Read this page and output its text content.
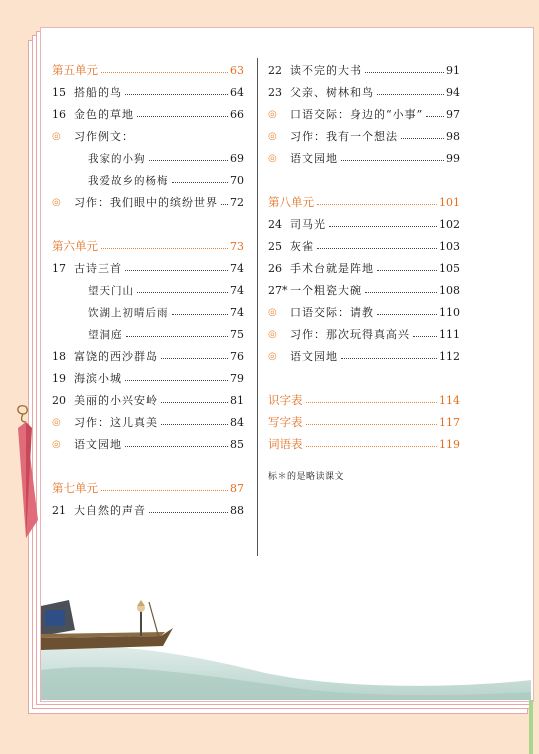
第五单元	63
15 搭船的鸟	64
16 金色的草地	66
◎	习作例文：
我家的小狗	69
我爱故乡的杨梅	70
◎	习作：我们眼中的缤纷世界 72
第六单元	73
17 古诗三首	74
望天门山	74
饮湖上初晴后雨	74
望洞庭	75
18 富饶的西沙群岛	76
19 海滨小城	79
20 美丽的小兴安岭	81
◎	习作：这儿真美	84
◎	语文园地	85
第七单元	87
21 大自然的声音	88
22 读不完的大书	91
23 父亲、树林和鸟	94
◎	口语交际：身边的“小事” 97
◎	习作：我有一个想法	98
◎	语文园地	99
第八单元	101
24 司马光	102
25 灰雀	103
26 手术台就是阵地	105
27* 一个粗瓷大碗	108
◎	口语交际：请教	110
◎	习作：那次玩得真高兴	111
◎	语文园地	112
识字表	114
写字表	117
词语表	119
标＊的是略读课文
